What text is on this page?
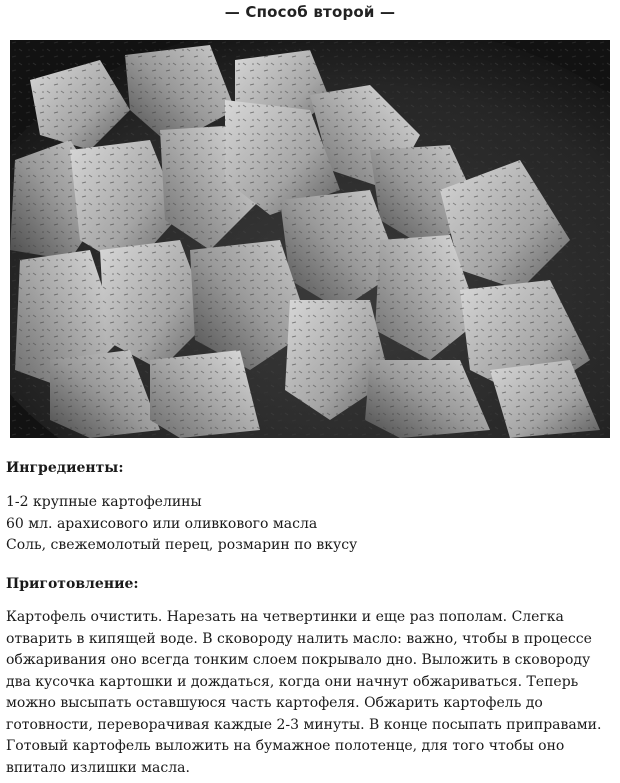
— Способ второй —
Ингредиенты:
1-2 крупные картофелины
60 мл. арахисового или оливкового масла
Соль, свежемолотый перец, розмарин по вкусу
Приготовление:

Картофель очистить. Нарезать на четвертинки и еще раз пополам. Слегка отварить в кипящей воде. В сковороду налить масло: важно, чтобы в процессе обжаривания оно всегда тонким слоем покрывало дно. Выложить в сковороду два кусочка картошки и дождаться, когда они начнут обжариваться. Теперь можно высыпать оставшуюся часть картофеля. Обжарить картофель до готовности, переворачивая каждые 2-3 минуты. В конце посыпать приправами. Готовый картофель выложить на бумажное полотенце, для того чтобы оно впитало излишки масла.
